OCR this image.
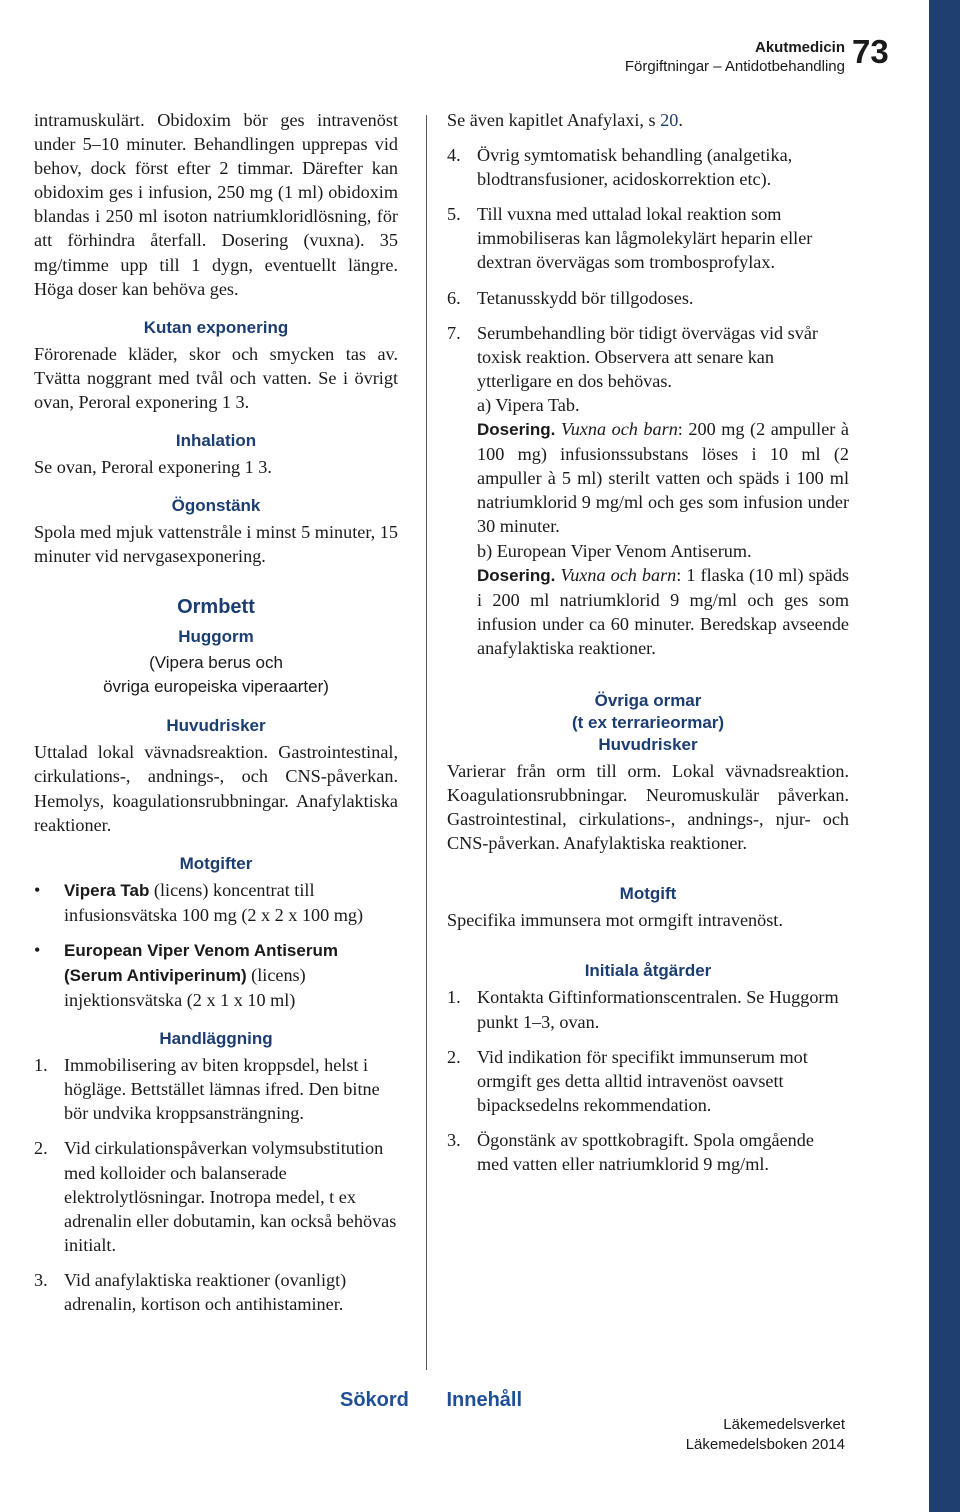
Akutmedicin
Förgiftningar – Antidotbehandling 73

intramuskulärt. Obidoxim bör ges intravenöst under 5–10 minuter. Behandlingen upprepas vid behov, dock först efter 2 timmar. Därefter kan obidoxim ges i infusion, 250 mg (1 ml) obidoxim blandas i 250 ml isoton natriumkloridlösning, för att förhindra återfall. Dosering (vuxna). 35 mg/timme upp till 1 dygn, eventuellt längre. Höga doser kan behöva ges.

Kutan exponering

Förorenade kläder, skor och smycken tas av. Tvätta noggrant med tvål och vatten. Se i övrigt ovan, Peroral exponering 1 3.

Inhalation

Se ovan, Peroral exponering 1 3.

Ögonstänk

Spola med mjuk vattenstråle i minst 5 minuter, 15 minuter vid nervgasexponering.

Ormbett
Huggorm
(Vipera berus och
övriga europeiska viperaarter)
Huvudrisker

Uttalad lokal vävnadsreaktion. Gastrointestinal, cirkulations-, andnings-, och CNS-påverkan. Hemolys, koagulationsrubbningar. Anafylaktiska reaktioner.

Motgifter
•	Vipera Tab (licens) koncentrat till infusionsvätska 100 mg (2 x 2 x 100 mg)
•	European Viper Venom Antiserum (Serum Antiviperinum) (licens) injektionsvätska (2 x 1 x 10 ml)
Handläggning
1. Immobilisering av biten kroppsdel, helst i högläge. Bettstället lämnas ifred. Den bitne bör undvika kroppsansträngning.
2. Vid cirkulationspåverkan volymsubstitution med kolloider och balanserade elektrolytlösningar. Inotropa medel, t ex adrenalin eller dobutamin, kan också behövas initialt.
3. Vid anafylaktiska reaktioner (ovanligt) adrenalin, kortison och antihistaminer.

Se även kapitlet Anafylaxi, s 20.

4. Övrig symtomatisk behandling (analgetika, blodtransfusioner, acidoskorrektion etc).
5. Till vuxna med uttalad lokal reaktion som immobiliseras kan lågmolekylärt heparin eller dextran övervägas som trombosprofylax.
6. Tetanusskydd bör tillgodoses.
7. Serumbehandling bör tidigt övervägas vid svår toxisk reaktion. Observera att senare kan ytterligare en dos behövas.
a) Vipera Tab.

Dosering. Vuxna och barn: 200 mg (2 ampuller à 100 mg) infusionssubstans löses i 10 ml (2 ampuller à 5 ml) sterilt vatten och späds i 100 ml natriumklorid 9 mg/ml och ges som infusion under 30 minuter.

b) European Viper Venom Antiserum.

Dosering. Vuxna och barn: 1 flaska (10 ml) späds i 200 ml natriumklorid 9 mg/ml och ges som infusion under ca 60 minuter. Beredskap avseende anafylaktiska reaktioner.

Övriga ormar
(t ex terrarieormar)
Huvudrisker

Varierar från orm till orm. Lokal vävnadsreaktion. Koagulationsrubbningar. Neuromuskulär påverkan. Gastrointestinal, cirkulations-, andnings-, njur- och CNS-påverkan. Anafylaktiska reaktioner.

Motgift

Specifika immunsera mot ormgift intravenöst.

Initiala åtgärder
1. Kontakta Giftinformationscentralen. Se Huggorm punkt 1–3, ovan.
2. Vid indikation för specifikt immunserum mot ormgift ges detta alltid intravenöst oavsett bipacksedelns rekommendation.
3. Ögonstänk av spottkobragift. Spola omgående med vatten eller natriumklorid 9 mg/ml.
Sökord Innehåll
Läkemedelsverket
Läkemedelsboken 2014
